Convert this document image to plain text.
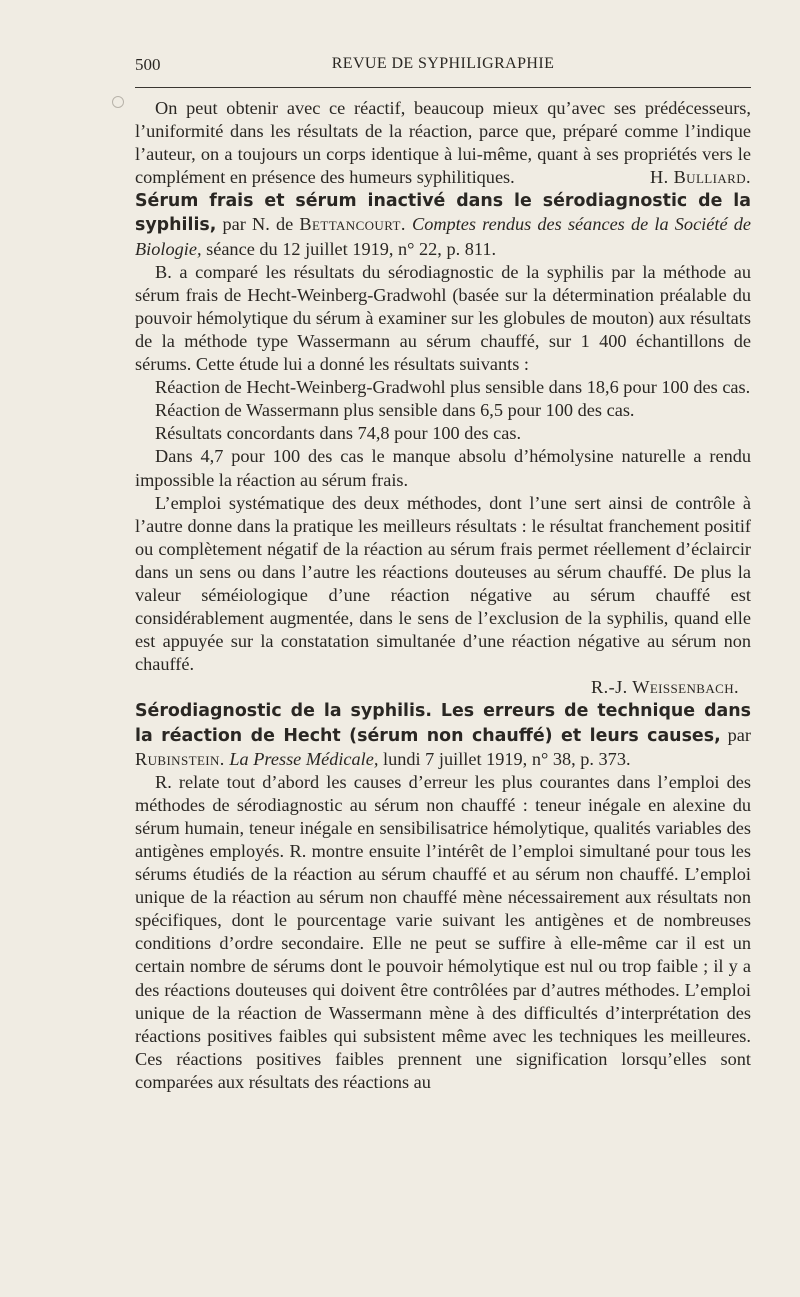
500	REVUE DE SYPHILIGRAPHIE

On peut obtenir avec ce réactif, beaucoup mieux qu’avec ses prédécesseurs, l’uniformité dans les résultats de la réaction, parce que, préparé comme l’indique l’auteur, on a toujours un corps identique à lui-même, quant à ses propriétés vers le complément en présence des humeurs syphilitiques.	H. Bulliard.

Sérum frais et sérum inactivé dans le sérodiagnostic de la syphilis, par N. de Bettancourt. Comptes rendus des séances de la Société de Biologie, séance du 12 juillet 1919, n° 22, p. 811.

B. a comparé les résultats du sérodiagnostic de la syphilis par la méthode au sérum frais de Hecht-Weinberg-Gradwohl (basée sur la détermination préalable du pouvoir hémolytique du sérum à examiner sur les globules de mouton) aux résultats de la méthode type Wassermann au sérum chauffé, sur 1 400 échantillons de sérums. Cette étude lui a donné les résultats suivants :

Réaction de Hecht-Weinberg-Gradwohl plus sensible dans 18,6 pour 100 des cas.

Réaction de Wassermann plus sensible dans 6,5 pour 100 des cas.

Résultats concordants dans 74,8 pour 100 des cas.

Dans 4,7 pour 100 des cas le manque absolu d’hémolysine naturelle a rendu impossible la réaction au sérum frais.

L’emploi systématique des deux méthodes, dont l’une sert ainsi de contrôle à l’autre donne dans la pratique les meilleurs résultats : le résultat franchement positif ou complètement négatif de la réaction au sérum frais permet réellement d’éclaircir dans un sens ou dans l’autre les réactions douteuses au sérum chauffé. De plus la valeur séméiologique d’une réaction négative au sérum chauffé est considérablement augmentée, dans le sens de l’exclusion de la syphilis, quand elle est appuyée sur la constatation simultanée d’une réaction négative au sérum non chauffé.

R.-J. Weissenbach.

Sérodiagnostic de la syphilis. Les erreurs de technique dans la réaction de Hecht (sérum non chauffé) et leurs causes, par Rubinstein. La Presse Médicale, lundi 7 juillet 1919, n° 38, p. 373.

R. relate tout d’abord les causes d’erreur les plus courantes dans l’emploi des méthodes de sérodiagnostic au sérum non chauffé : teneur inégale en alexine du sérum humain, teneur inégale en sensibilisatrice hémolytique, qualités variables des antigènes employés. R. montre ensuite l’intérêt de l’emploi simultané pour tous les sérums étudiés de la réaction au sérum chauffé et au sérum non chauffé. L’emploi unique de la réaction au sérum non chauffé mène nécessairement aux résultats non spécifiques, dont le pourcentage varie suivant les antigènes et de nombreuses conditions d’ordre secondaire. Elle ne peut se suffire à elle-même car il est un certain nombre de sérums dont le pouvoir hémolytique est nul ou trop faible ; il y a des réactions douteuses qui doivent être contrôlées par d’autres méthodes. L’emploi unique de la réaction de Wassermann mène à des difficultés d’interprétation des réactions positives faibles qui subsistent même avec les techniques les meilleures. Ces réactions positives faibles prennent une signification lorsqu’elles sont comparées aux résultats des réactions au
